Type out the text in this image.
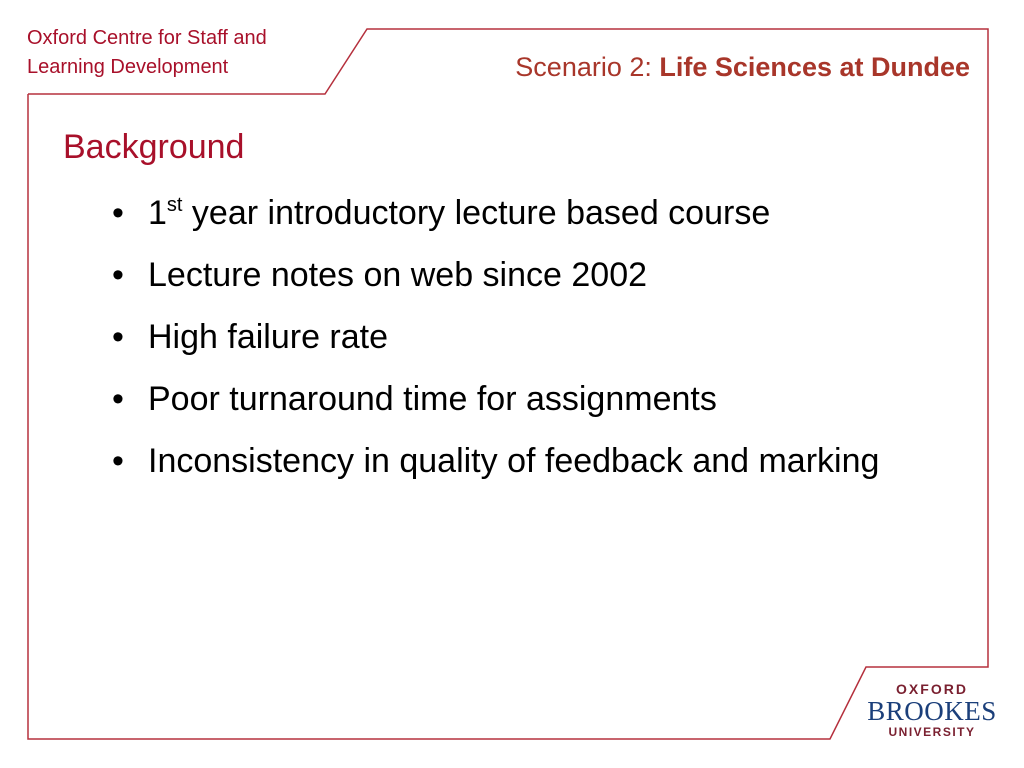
Oxford Centre for Staff and
Learning Development	Scenario 2: Life Sciences at Dundee
Background
• 1st year introductory lecture based course
• Lecture notes on web since 2002
• High failure rate
• Poor turnaround time for assignments
• Inconsistency in quality of feedback and marking
OXFORD
BROOKES
UNIVERSITY
